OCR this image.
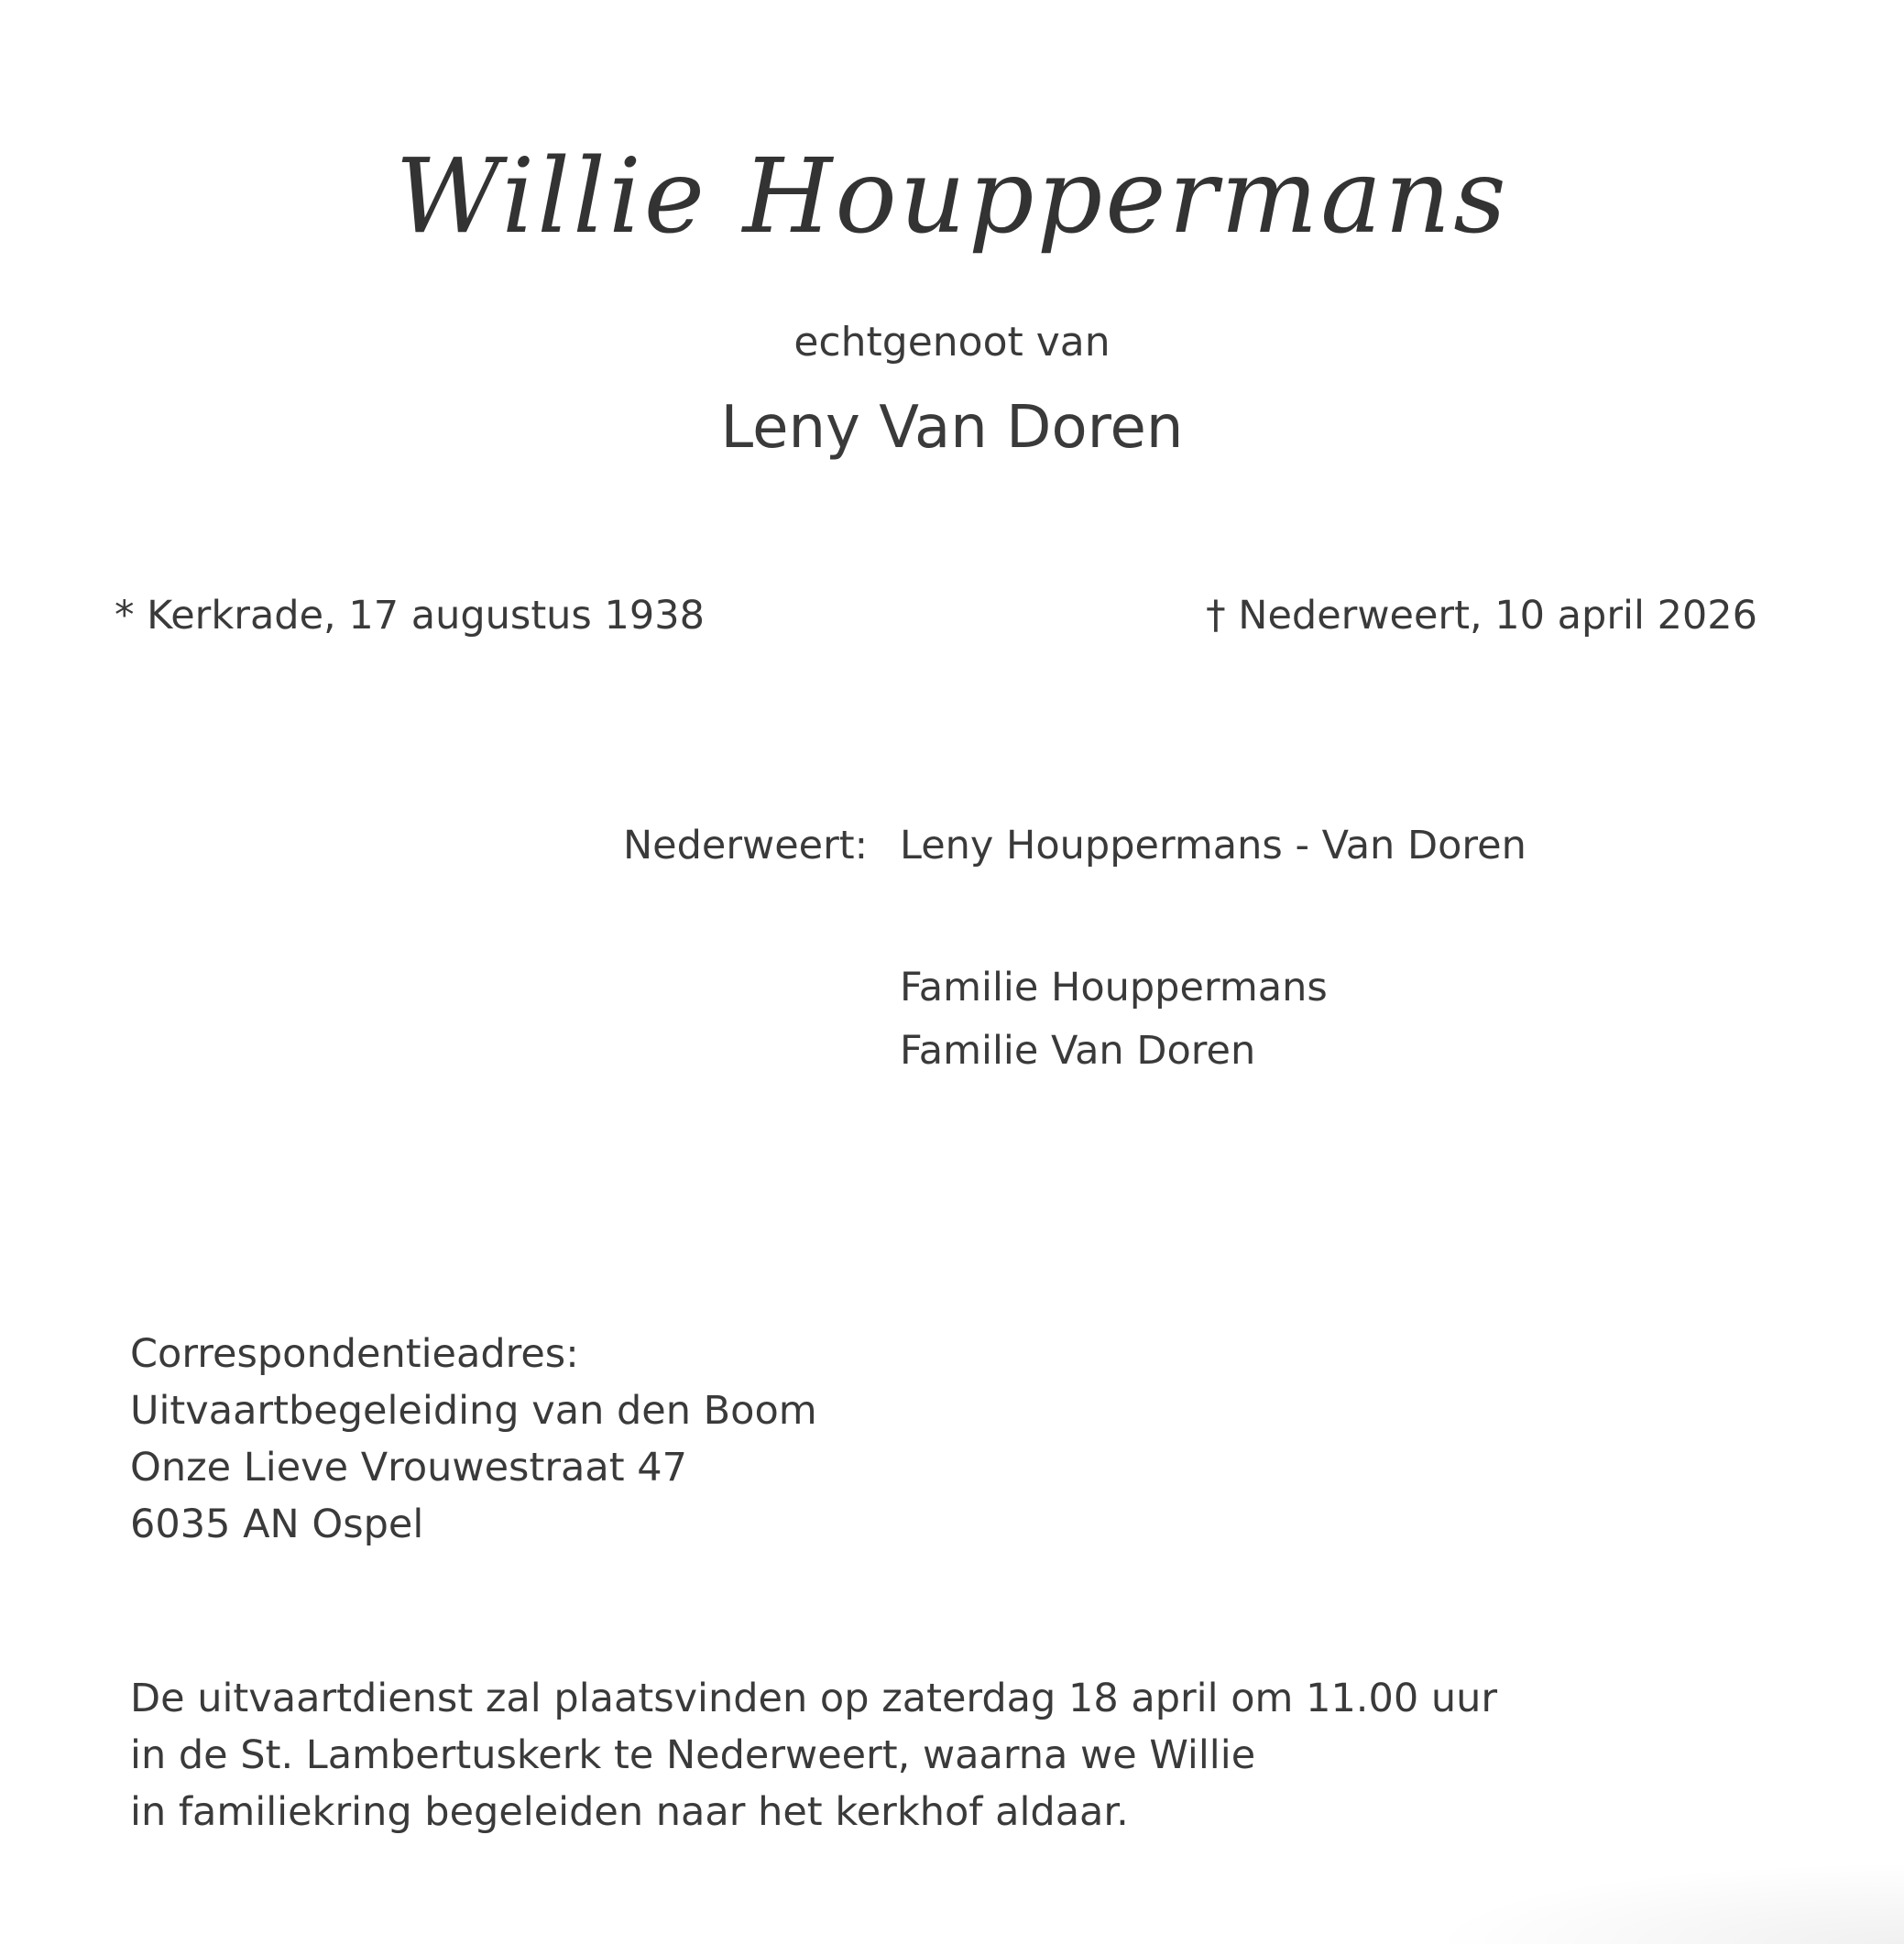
Willie Houppermans
echtgenoot van
Leny Van Doren
* Kerkrade, 17 augustus 1938	† Nederweert, 10 april 2026
Nederweert: Leny Houppermans - Van Doren
Familie Houppermans
Familie Van Doren
Correspondentieadres:
Uitvaartbegeleiding van den Boom
Onze Lieve Vrouwestraat 47
6035 AN Ospel
De uitvaartdienst zal plaatsvinden op zaterdag 18 april om 11.00 uur
in de St. Lambertuskerk te Nederweert, waarna we Willie
in familiekring begeleiden naar het kerkhof aldaar.
